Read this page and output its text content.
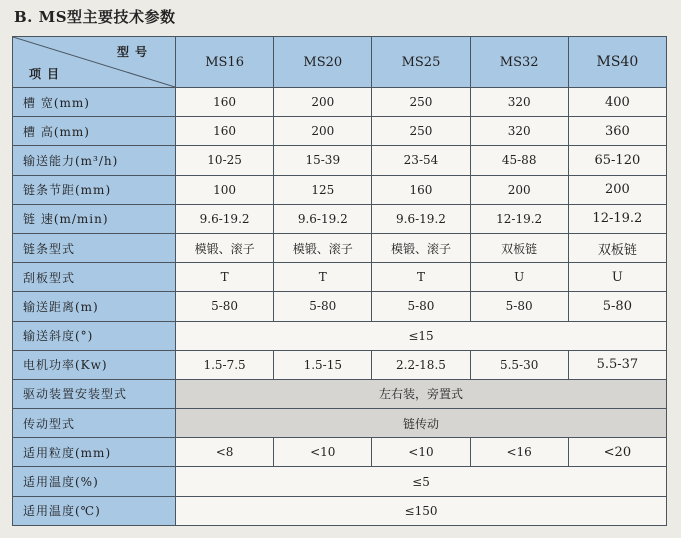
B. MS型主要技术参数
型号
项目	MS16	MS20	MS25	MS32	MS40
槽 宽(mm)	160	200	250	320	400
槽 高(mm)	160	200	250	320	360
输送能力(m³/h)	10-25	15-39	23-54	45-88	65-120
链条节距(mm)	100	125	160	200	200
链 速(m/min)	9.6-19.2	9.6-19.2	9.6-19.2	12-19.2	12-19.2
链条型式	模锻、滚子	模锻、滚子	模锻、滚子	双板链	双板链
刮板型式	T	T	T	U	U
输送距离(m)	5-80	5-80	5-80	5-80	5-80
输送斜度(°)	≤15				
电机功率(Kw)	1.5-7.5	1.5-15	2.2-18.5	5.5-30	5.5-37
驱动装置安装型式	左右装，旁置式				
传动型式	链传动				
适用粒度(mm)	<8	<10	<10	<16	<20
适用温度(%)	≤5				
适用温度(℃)	≤150				
